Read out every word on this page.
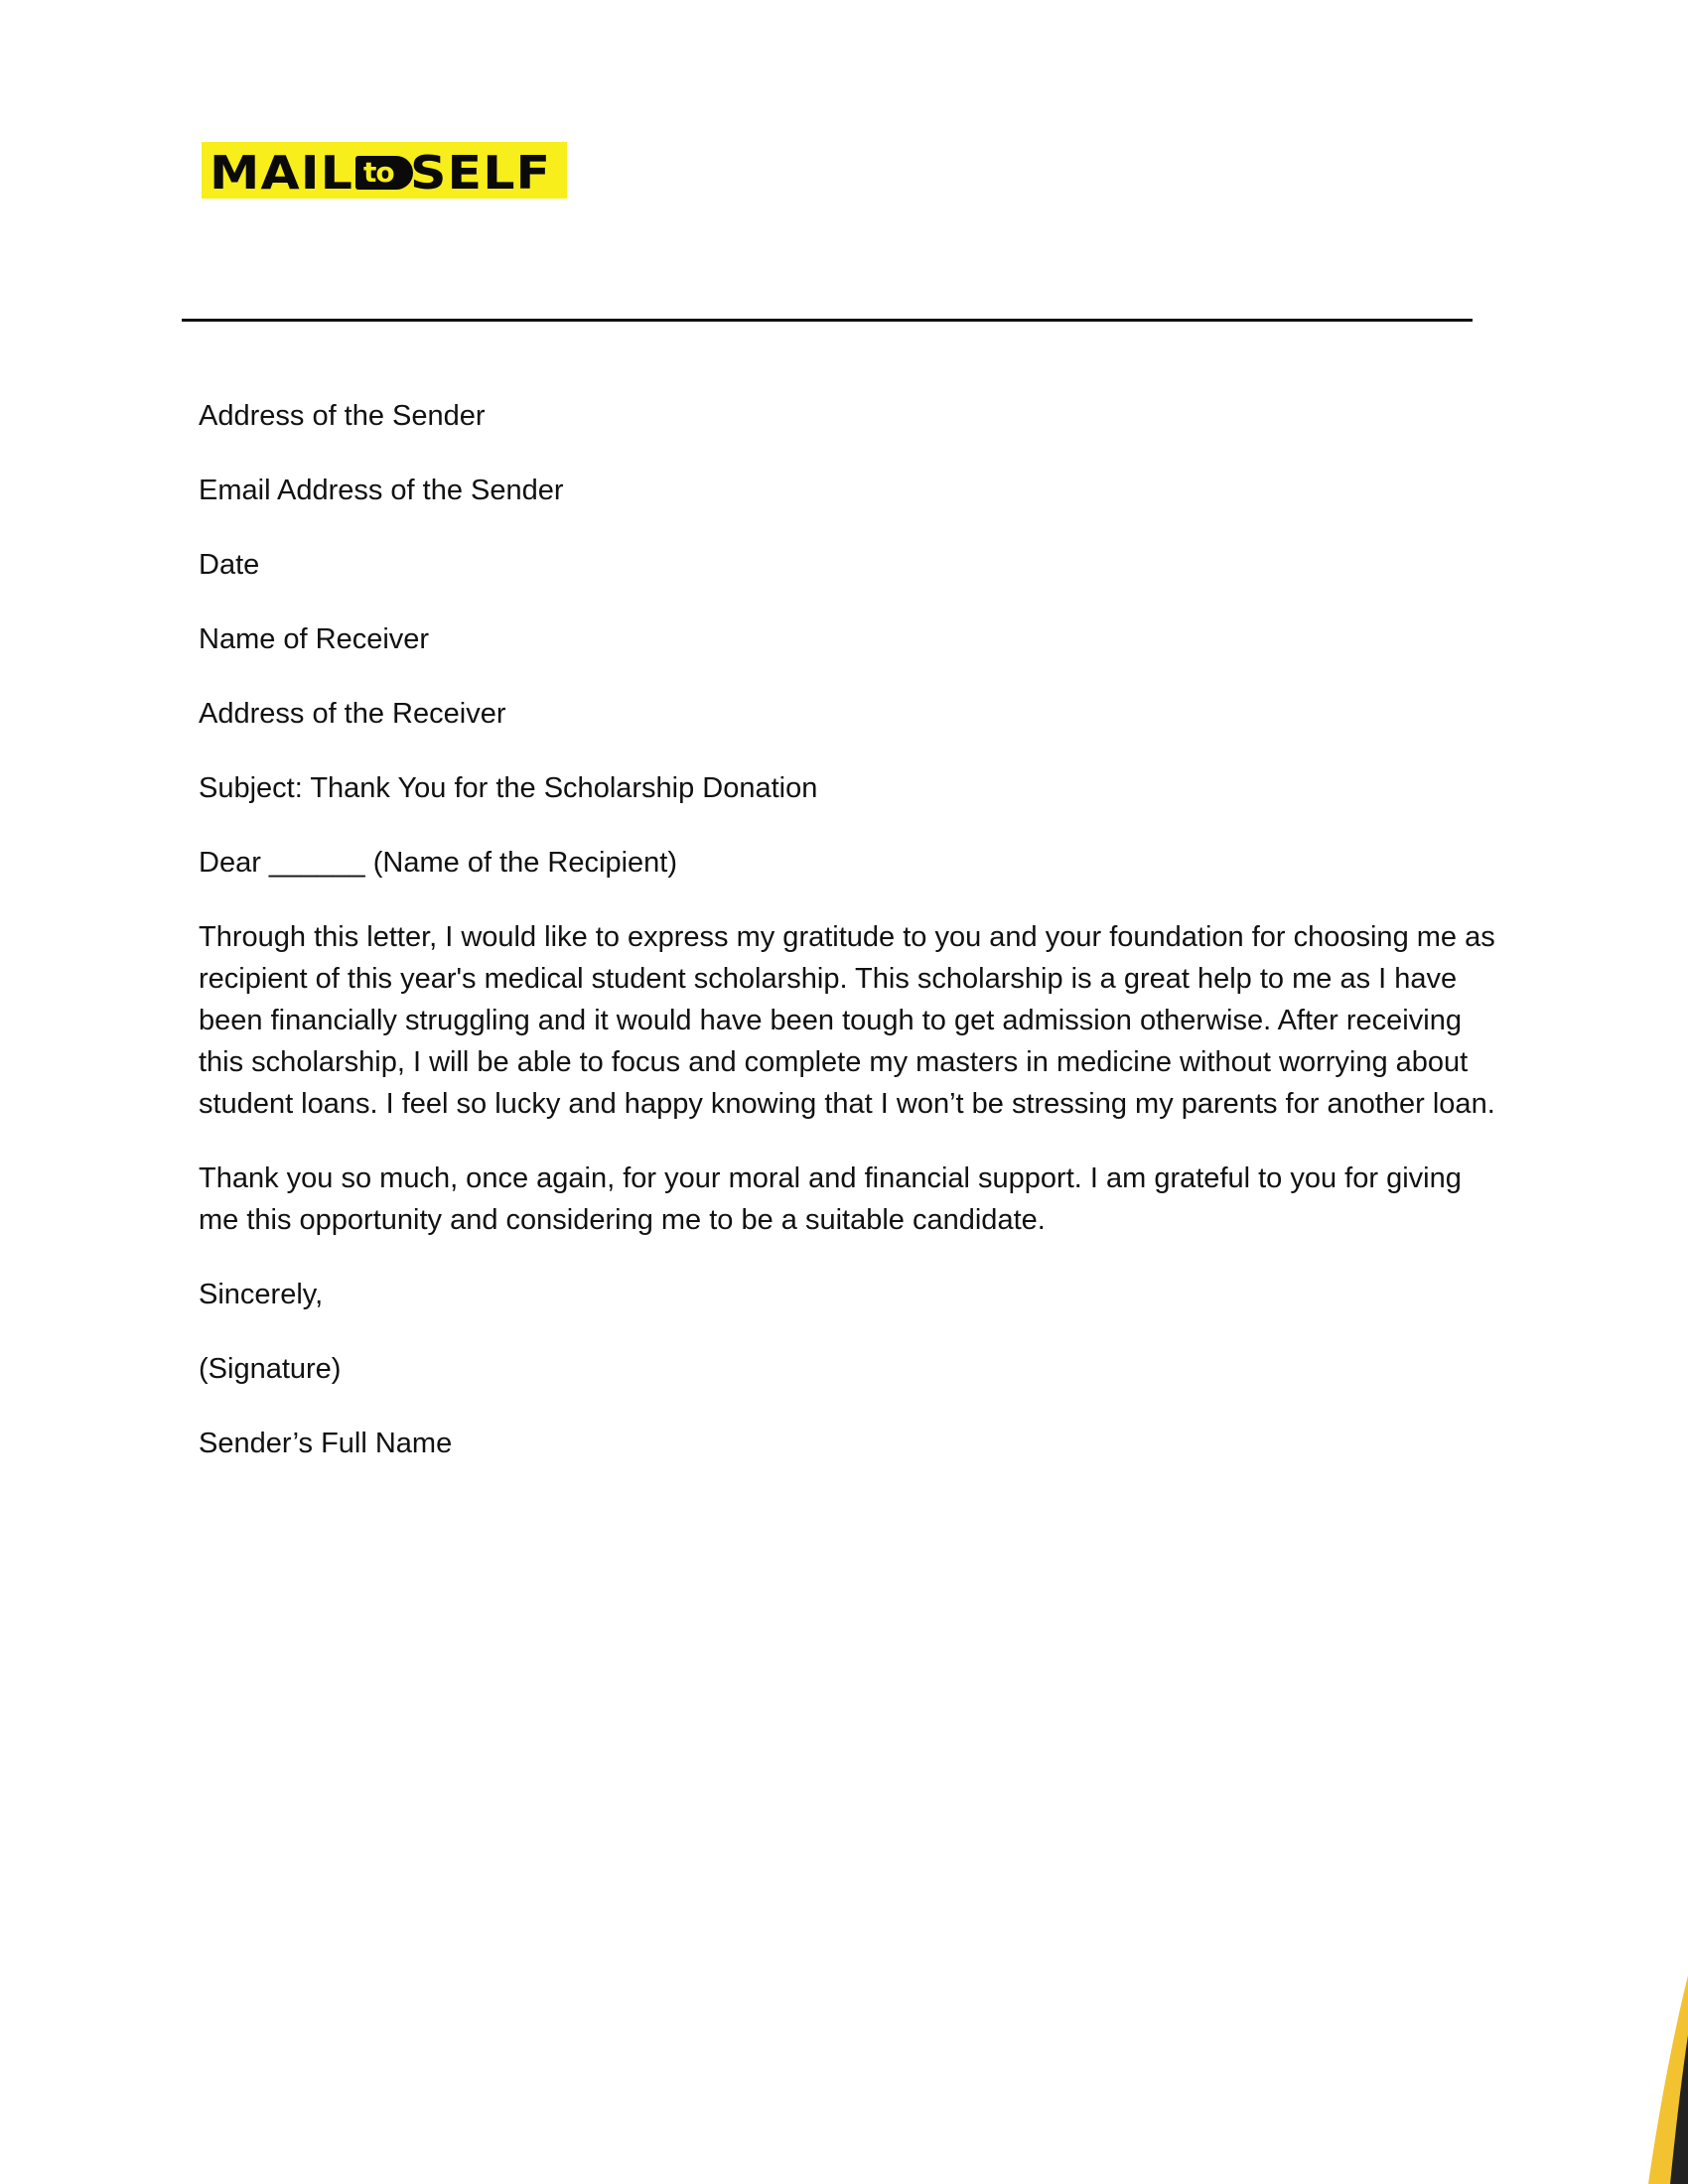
MAIL to SELF

Address of the Sender

Email Address of the Sender

Date

Name of Receiver

Address of the Receiver

Subject: Thank You for the Scholarship Donation

Dear ______ (Name of the Recipient)

Through this letter, I would like to express my gratitude to you and your foundation for choosing me as recipient of this year's medical student scholarship. This scholarship is a great help to me as I have been financially struggling and it would have been tough to get admission otherwise. After receiving this scholarship, I will be able to focus and complete my masters in medicine without worrying about student loans. I feel so lucky and happy knowing that I won’t be stressing my parents for another loan.

Thank you so much, once again, for your moral and financial support. I am grateful to you for giving me this opportunity and considering me to be a suitable candidate.

Sincerely,

(Signature)

Sender’s Full Name
